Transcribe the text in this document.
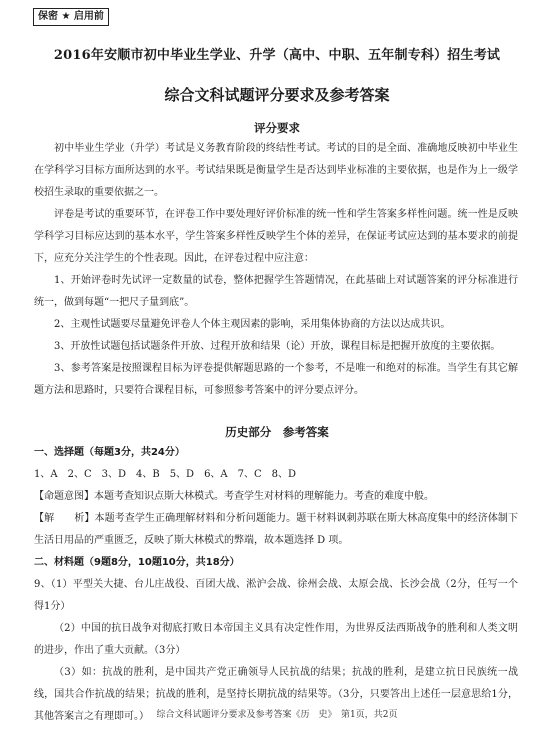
保密 ★ 启用前
2016年安顺市初中毕业生学业、升学（高中、中职、五年制专科）招生考试
综合文科试题评分要求及参考答案
评分要求
初中毕业生学业（升学）考试是义务教育阶段的终结性考试。考试的目的是全面、准确地反映初中毕业生在学科学习目标方面所达到的水平。考试结果既是衡量学生是否达到毕业标准的主要依据，也是作为上一级学校招生录取的重要依据之一。
评卷是考试的重要环节，在评卷工作中要处理好评价标准的统一性和学生答案多样性问题。统一性是反映学科学习目标应达到的基本水平，学生答案多样性反映学生个体的差异，在保证考试应达到的基本要求的前提下，应充分关注学生的个性表现。因此，在评卷过程中应注意：
1、开始评卷时先试评一定数量的试卷，整体把握学生答题情况，在此基础上对试题答案的评分标准进行统一，做到每题“一把尺子量到底”。
2、主观性试题要尽量避免评卷人个体主观因素的影响，采用集体协商的方法以达成共识。
3、开放性试题包括试题条件开放、过程开放和结果（论）开放，课程目标是把握开放度的主要依据。
3、参考答案是按照课程目标为评卷提供解题思路的一个参考，不是唯一和绝对的标准。当学生有其它解题方法和思路时，只要符合课程目标，可参照参考答案中的评分要点评分。
历史部分　参考答案
一、选择题（每题3分，共24分）
1、A　2、C　3、D　4、B　5、D　6、A　7、C　8、D
【命题意图】本题考查知识点斯大林模式。考查学生对材料的理解能力。考查的难度中般。
【解　　析】本题考查学生正确理解材料和分析问题能力。题干材料讽刺苏联在斯大林高度集中的经济体制下生活日用品的严重匮乏，反映了斯大林模式的弊端，故本题选择 D 项。
二、材料题（9题8分，10题10分，共18分）
9、（1）平型关大捷、台儿庄战役、百团大战、淞沪会战、徐州会战、太原会战、长沙会战（2分，任写一个得1分）
（2）中国的抗日战争对彻底打败日本帝国主义具有决定性作用，为世界反法西斯战争的胜利和人类文明的进步，作出了重大贡献。（3分）
（3）如：抗战的胜利，是中国共产党正确领导人民抗战的结果；抗战的胜利，是建立抗日民族统一战线，国共合作抗战的结果；抗战的胜利，是坚持长期抗战的结果等。（3分，只要答出上述任一层意思给1分，其他答案言之有理即可。） 综合文科试题评分要求及参考答案《历　史》　第1页，共2页
